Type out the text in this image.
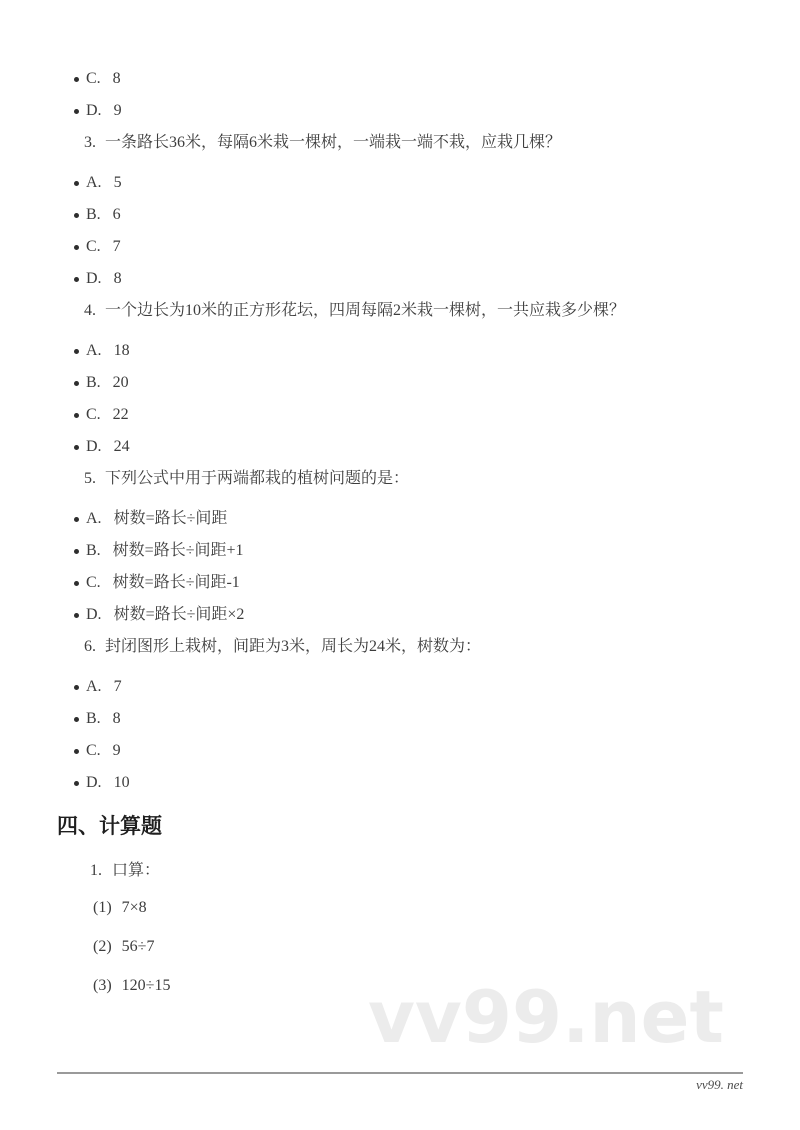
vv99.net
C. 8
D. 9
3. 一条路长36米，每隔6米栽一棵树，一端栽一端不栽，应栽几棵？
A. 5
B. 6
C. 7
D. 8
4. 一个边长为10米的正方形花坛，四周每隔2米栽一棵树，一共应栽多少棵？
A. 18
B. 20
C. 22
D. 24
5. 下列公式中用于两端都栽的植树问题的是：
A. 树数=路长÷间距
B. 树数=路长÷间距+1
C. 树数=路长÷间距-1
D. 树数=路长÷间距×2
6. 封闭图形上栽树，间距为3米，周长为24米，树数为：
A. 7
B. 8
C. 9
D. 10
四、计算题
1. 口算：
(1) 7×8
(2) 56÷7
(3) 120÷15
vv99. net
